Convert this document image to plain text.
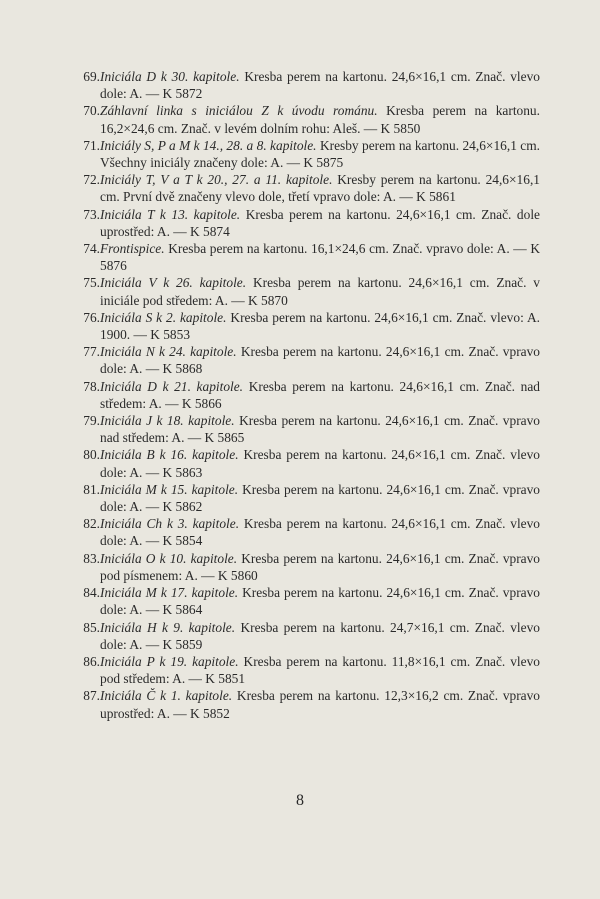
69. Iniciála D k 30. kapitole. Kresba perem na kartonu. 24,6×16,1 cm. Znač. vlevo dole: A. — K 5872
70. Záhlavní linka s iniciálou Z k úvodu románu. Kresba perem na kartonu. 16,2×24,6 cm. Znač. v levém dolním rohu: Aleš. — K 5850
71. Iniciály S, P a M k 14., 28. a 8. kapitole. Kresby perem na kartonu. 24,6×16,1 cm. Všechny iniciály značeny dole: A. — K 5875
72. Iniciály T, V a T k 20., 27. a 11. kapitole. Kresby perem na kartonu. 24,6×16,1 cm. První dvě značeny vlevo dole, třetí vpravo dole: A. — K 5861
73. Iniciála T k 13. kapitole. Kresba perem na kartonu. 24,6×16,1 cm. Znač. dole uprostřed: A. — K 5874
74. Frontispice. Kresba perem na kartonu. 16,1×24,6 cm. Znač. vpravo dole: A. — K 5876
75. Iniciála V k 26. kapitole. Kresba perem na kartonu. 24,6×16,1 cm. Znač. v iniciále pod středem: A. — K 5870
76. Iniciála S k 2. kapitole. Kresba perem na kartonu. 24,6×16,1 cm. Znač. vlevo: A. 1900. — K 5853
77. Iniciála N k 24. kapitole. Kresba perem na kartonu. 24,6×16,1 cm. Znač. vpravo dole: A. — K 5868
78. Iniciála D k 21. kapitole. Kresba perem na kartonu. 24,6×16,1 cm. Znač. nad středem: A. — K 5866
79. Iniciála J k 18. kapitole. Kresba perem na kartonu. 24,6×16,1 cm. Znač. vpravo nad středem: A. — K 5865
80. Iniciála B k 16. kapitole. Kresba perem na kartonu. 24,6×16,1 cm. Znač. vlevo dole: A. — K 5863
81. Iniciála M k 15. kapitole. Kresba perem na kartonu. 24,6×16,1 cm. Znač. vpravo dole: A. — K 5862
82. Iniciála Ch k 3. kapitole. Kresba perem na kartonu. 24,6×16,1 cm. Znač. vlevo dole: A. — K 5854
83. Iniciála O k 10. kapitole. Kresba perem na kartonu. 24,6×16,1 cm. Znač. vpravo pod písmenem: A. — K 5860
84. Iniciála M k 17. kapitole. Kresba perem na kartonu. 24,6×16,1 cm. Znač. vpravo dole: A. — K 5864
85. Iniciála H k 9. kapitole. Kresba perem na kartonu. 24,7×16,1 cm. Znač. vlevo dole: A. — K 5859
86. Iniciála P k 19. kapitole. Kresba perem na kartonu. 11,8×16,1 cm. Znač. vlevo pod středem: A. — K 5851
87. Iniciála Č k 1. kapitole. Kresba perem na kartonu. 12,3×16,2 cm. Znač. vpravo uprostřed: A. — K 5852
8
